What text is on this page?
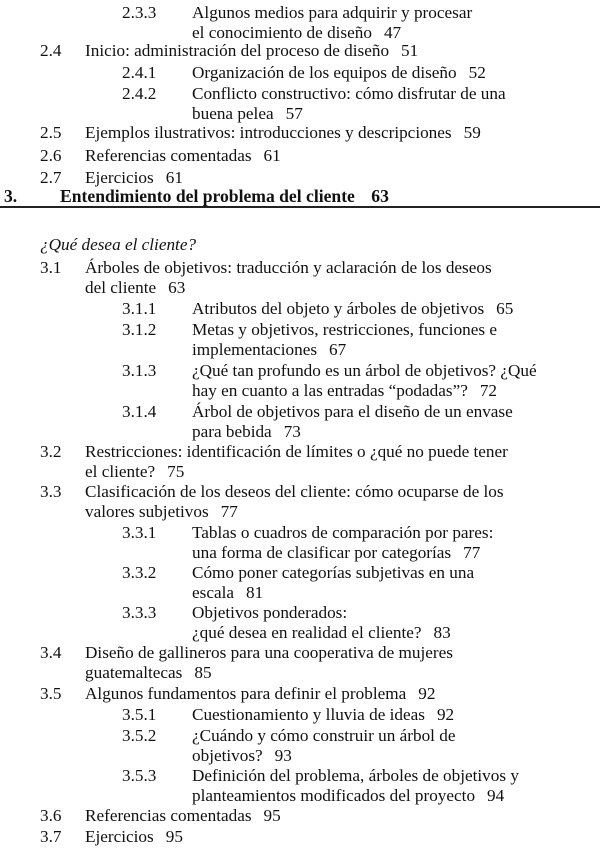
2.3.3 Algunos medios para adquirir y procesar
el conocimiento de diseño 47
2.4 Inicio: administración del proceso de diseño 51
2.4.1 Organización de los equipos de diseño 52
2.4.2 Conflicto constructivo: cómo disfrutar de una
buena pelea 57
2.5 Ejemplos ilustrativos: introducciones y descripciones 59
2.6 Referencias comentadas 61
2.7 Ejercicios 61
3.1 Árboles de objetivos: traducción y aclaración de los deseos
del cliente 63
3.1.1 Atributos del objeto y árboles de objetivos 65
3.1.2 Metas y objetivos, restricciones, funciones e
implementaciones 67
3.1.3 ¿Qué tan profundo es un árbol de objetivos? ¿Qué
hay en cuanto a las entradas “podadas”? 72
3.1.4 Árbol de objetivos para el diseño de un envase
para bebida 73
3.2 Restricciones: identificación de límites o ¿qué no puede tener
el cliente? 75
3.3 Clasificación de los deseos del cliente: cómo ocuparse de los
valores subjetivos 77
3.3.1 Tablas o cuadros de comparación por pares:
una forma de clasificar por categorías 77
3.3.2 Cómo poner categorías subjetivas en una
escala 81
3.3.3 Objetivos ponderados:
¿qué desea en realidad el cliente? 83
3.4 Diseño de gallineros para una cooperativa de mujeres
guatemaltecas 85
3.5 Algunos fundamentos para definir el problema 92
3.5.1 Cuestionamiento y lluvia de ideas 92
3.5.2 ¿Cuándo y cómo construir un árbol de
objetivos? 93
3.5.3 Definición del problema, árboles de objetivos y
planteamientos modificados del proyecto 94
3.6 Referencias comentadas 95
3.7 Ejercicios 95
3. Entendimiento del problema del cliente 63
¿Qué desea el cliente?
